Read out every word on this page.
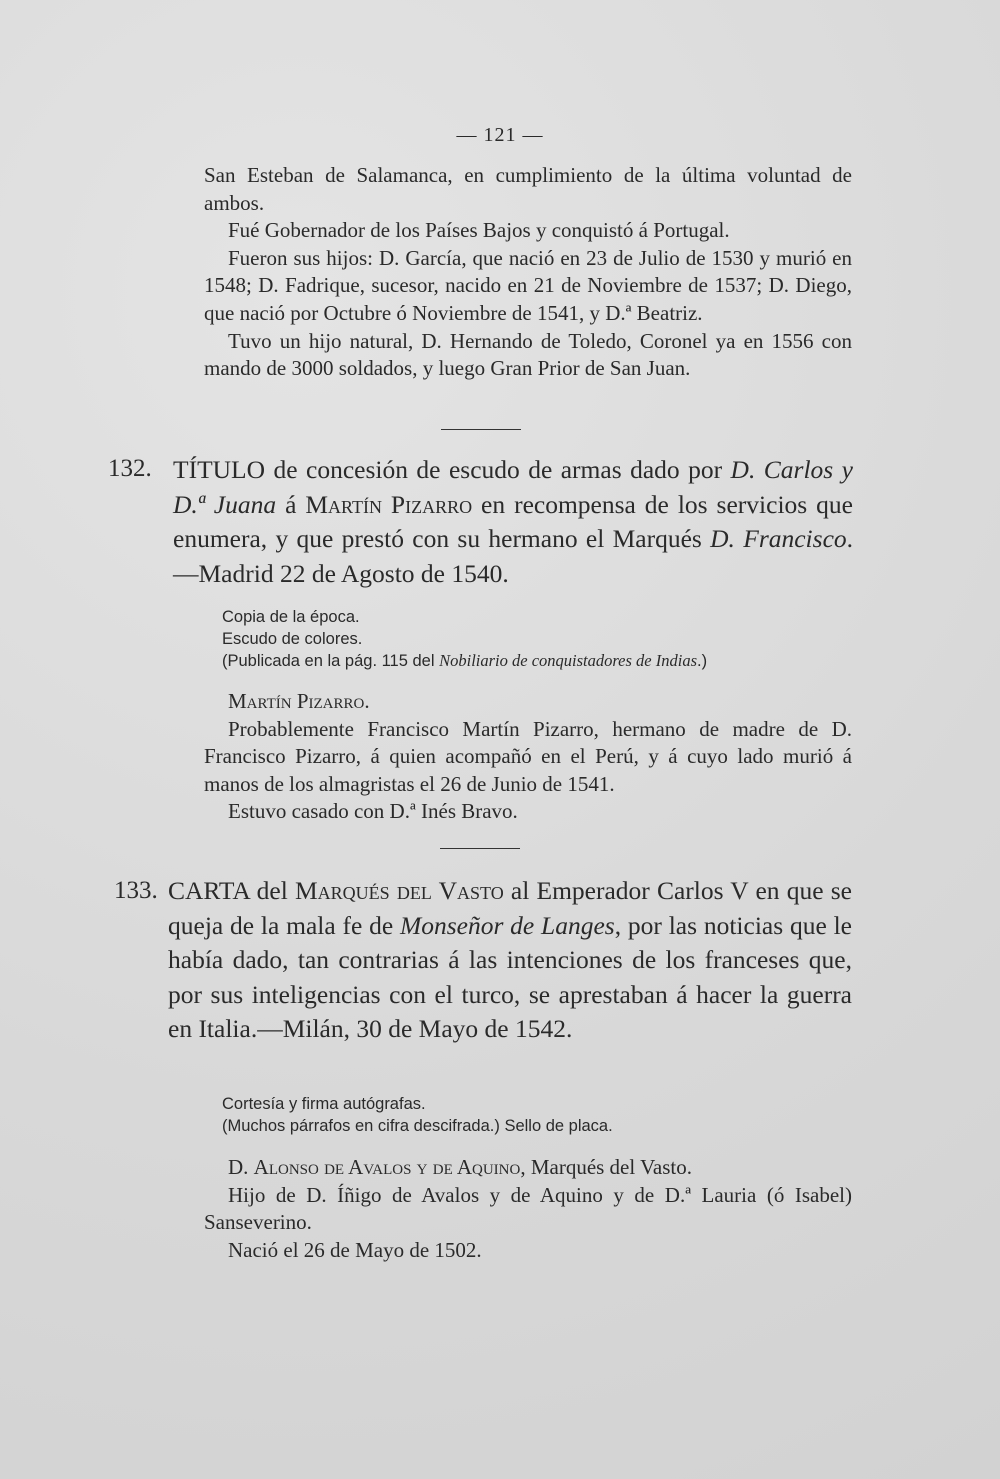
— 121 —

San Esteban de Salamanca, en cumplimiento de la última voluntad de ambos.

Fué Gobernador de los Países Bajos y conquistó á Portugal.

Fueron sus hijos: D. García, que nació en 23 de Julio de 1530 y murió en 1548; D. Fadrique, sucesor, nacido en 21 de Noviembre de 1537; D. Diego, que nació por Octubre ó Noviembre de 1541, y D.ª Beatriz.

Tuvo un hijo natural, D. Hernando de Toledo, Coronel ya en 1556 con mando de 3000 soldados, y luego Gran Prior de San Juan.

132. TÍTULO de concesión de escudo de armas dado por D. Carlos y D.ª Juana á Martín Pizarro en recompensa de los servicios que enumera, y que prestó con su hermano el Marqués D. Francisco.—Madrid 22 de Agosto de 1540.

Copia de la época.

Escudo de colores.

(Publicada en la pág. 115 del Nobiliario de conquistadores de Indias.)

Martín Pizarro.

Probablemente Francisco Martín Pizarro, hermano de madre de D. Francisco Pizarro, á quien acompañó en el Perú, y á cuyo lado murió á manos de los almagristas el 26 de Junio de 1541.

Estuvo casado con D.ª Inés Bravo.

133. CARTA del Marqués del Vasto al Emperador Carlos V en que se queja de la mala fe de Monseñor de Langes, por las noticias que le había dado, tan contrarias á las intenciones de los franceses que, por sus inteligencias con el turco, se aprestaban á hacer la guerra en Italia.—Milán, 30 de Mayo de 1542.

Cortesía y firma autógrafas.

(Muchos párrafos en cifra descifrada.) Sello de placa.

D. Alonso de Avalos y de Aquino, Marqués del Vasto.

Hijo de D. Íñigo de Avalos y de Aquino y de D.ª Lauria (ó Isabel) Sanseverino.

Nació el 26 de Mayo de 1502.
